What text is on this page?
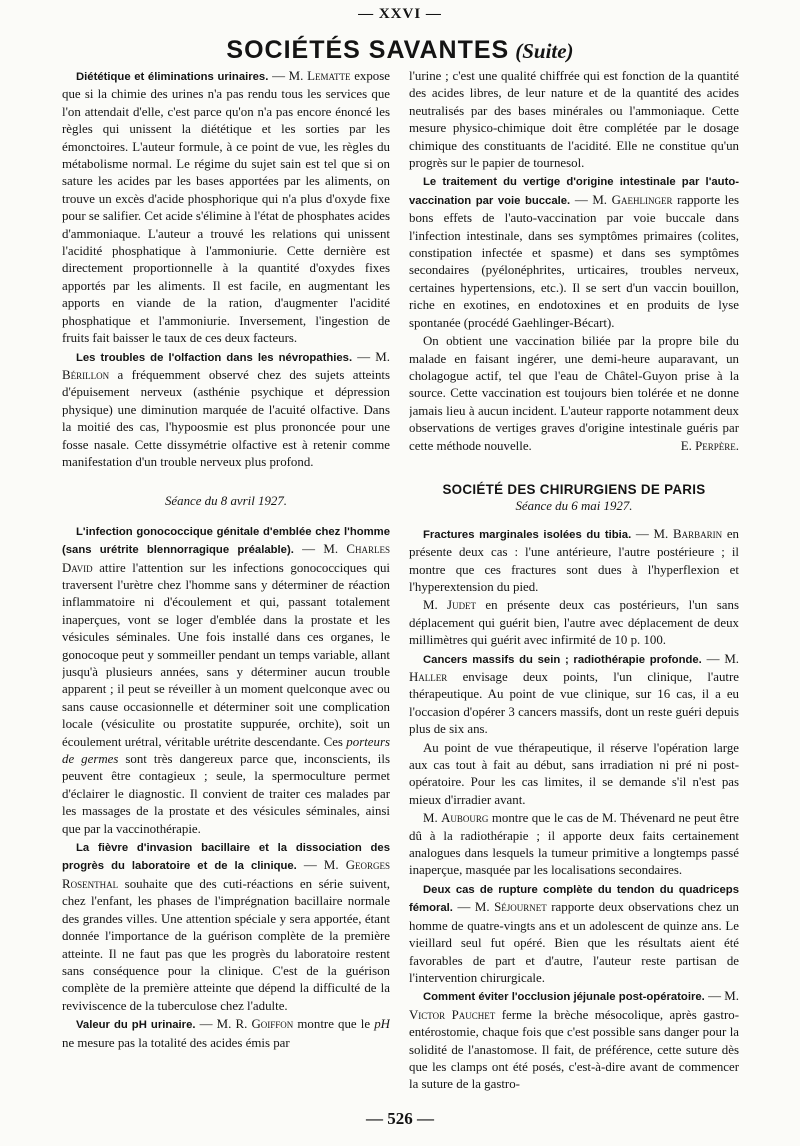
— XXVI —
SOCIÉTÉS SAVANTES (Suite)

Diététique et éliminations urinaires. — M. Lematte expose que si la chimie des urines n'a pas rendu tous les services que l'on attendait d'elle, c'est parce qu'on n'a pas encore énoncé les règles qui unissent la diététique et les sorties par les émonctoires. L'auteur formule, à ce point de vue, les règles du métabolisme normal. Le régime du sujet sain est tel que si on sature les acides par les bases apportées par les aliments, on trouve un excès d'acide phosphorique qui n'a plus d'oxyde fixe pour se salifier. Cet acide s'élimine à l'état de phosphates acides d'ammoniaque. L'auteur a trouvé les relations qui unissent l'acidité phosphatique à l'ammoniurie. Cette dernière est directement proportionnelle à la quantité d'oxydes fixes apportés par les aliments. Il est facile, en augmentant les apports en viande de la ration, d'augmenter l'acidité phosphatique et l'ammoniurie. Inversement, l'ingestion de fruits fait baisser le taux de ces deux facteurs.

Les troubles de l'olfaction dans les névropathies. — M. Bérillon a fréquemment observé chez des sujets atteints d'épuisement nerveux (asthénie psychique et dépression physique) une diminution marquée de l'acuité olfactive. Dans la moitié des cas, l'hypoosmie est plus prononcée pour une fosse nasale. Cette dissymétrie olfactive est à retenir comme manifestation d'un trouble nerveux plus profond.

Séance du 8 avril 1927.

L'infection gonococcique génitale d'emblée chez l'homme (sans urétrite blennorragique préalable). — M. Charles David attire l'attention sur les infections gonococciques qui traversent l'urètre chez l'homme sans y déterminer de réaction inflammatoire ni d'écoulement et qui, passant totalement inaperçues, vont se loger d'emblée dans la prostate et les vésicules séminales. Une fois installé dans ces organes, le gonocoque peut y sommeiller pendant un temps variable, allant jusqu'à plusieurs années, sans y déterminer aucun trouble apparent ; il peut se réveiller à un moment quelconque avec ou sans cause occasionnelle et déterminer soit une complication locale (vésiculite ou prostatite suppurée, orchite), soit un écoulement urétral, véritable urétrite descendante. Ces porteurs de germes sont très dangereux parce que, inconscients, ils peuvent être contagieux ; seule, la spermoculture permet d'éclairer le diagnostic. Il convient de traiter ces malades par les massages de la prostate et des vésicules séminales, ainsi que par la vaccinothérapie.

La fièvre d'invasion bacillaire et la dissociation des progrès du laboratoire et de la clinique. — M. Georges Rosenthal souhaite que des cuti-réactions en série suivent, chez l'enfant, les phases de l'imprégnation bacillaire normale des grandes villes. Une attention spéciale y sera apportée, étant donnée l'importance de la guérison complète de la première atteinte. Il ne faut pas que les progrès du laboratoire restent sans conséquence pour la clinique. C'est de la guérison complète de la première atteinte que dépend la difficulté de la reviviscence de la tuberculose chez l'adulte.

Valeur du pH urinaire. — M. R. Goiffon montre que le pH ne mesure pas la totalité des acides émis par

l'urine ; c'est une qualité chiffrée qui est fonction de la quantité des acides libres, de leur nature et de la quantité des acides neutralisés par des bases minérales ou l'ammoniaque. Cette mesure physico-chimique doit être complétée par le dosage chimique des constituants de l'acidité. Elle ne constitue qu'un progrès sur le papier de tournesol.

Le traitement du vertige d'origine intestinale par l'auto-vaccination par voie buccale. — M. Gaehlinger rapporte les bons effets de l'auto-vaccination par voie buccale dans l'infection intestinale, dans ses symptômes primaires (colites, constipation infectée et spasme) et dans ses symptômes secondaires (pyélonéphrites, urticaires, troubles nerveux, certaines hypertensions, etc.). Il se sert d'un vaccin bouillon, riche en exotines, en endotoxines et en produits de lyse spontanée (procédé Gaehlinger-Bécart).

On obtient une vaccination biliée par la propre bile du malade en faisant ingérer, une demi-heure auparavant, un cholagogue actif, tel que l'eau de Châtel-Guyon prise à la source. Cette vaccination est toujours bien tolérée et ne donne jamais lieu à aucun incident. L'auteur rapporte notamment deux observations de vertiges graves d'origine intestinale guéris par cette méthode nouvelle.	E. Perpère.

SOCIÉTÉ DES CHIRURGIENS DE PARIS

Séance du 6 mai 1927.

Fractures marginales isolées du tibia. — M. Barbarin en présente deux cas : l'une antérieure, l'autre postérieure ; il montre que ces fractures sont dues à l'hyperflexion et l'hyperextension du pied.

M. Judet en présente deux cas postérieurs, l'un sans déplacement qui guérit bien, l'autre avec déplacement de deux millimètres qui guérit avec infirmité de 10 p. 100.

Cancers massifs du sein ; radiothérapie profonde. — M. Haller envisage deux points, l'un clinique, l'autre thérapeutique. Au point de vue clinique, sur 16 cas, il a eu l'occasion d'opérer 3 cancers massifs, dont un reste guéri depuis plus de six ans.

Au point de vue thérapeutique, il réserve l'opération large aux cas tout à fait au début, sans irradiation ni pré ni post-opératoire. Pour les cas limites, il se demande s'il n'est pas mieux d'irradier avant.

M. Aubourg montre que le cas de M. Thévenard ne peut être dû à la radiothérapie ; il apporte deux faits certainement analogues dans lesquels la tumeur primitive a longtemps passé inaperçue, masquée par les localisations secondaires.

Deux cas de rupture complète du tendon du quadriceps fémoral. — M. Séjournet rapporte deux observations chez un homme de quatre-vingts ans et un adolescent de quinze ans. Le vieillard seul fut opéré. Bien que les résultats aient été favorables de part et d'autre, l'auteur reste partisan de l'intervention chirurgicale.

Comment éviter l'occlusion jéjunale post-opératoire. — M. Victor Pauchet ferme la brèche mésocolique, après gastro-entérostomie, chaque fois que c'est possible sans danger pour la solidité de l'anastomose. Il fait, de préférence, cette suture dès que les clamps ont été posés, c'est-à-dire avant de commencer la suture de la gastro-

— 526 —
